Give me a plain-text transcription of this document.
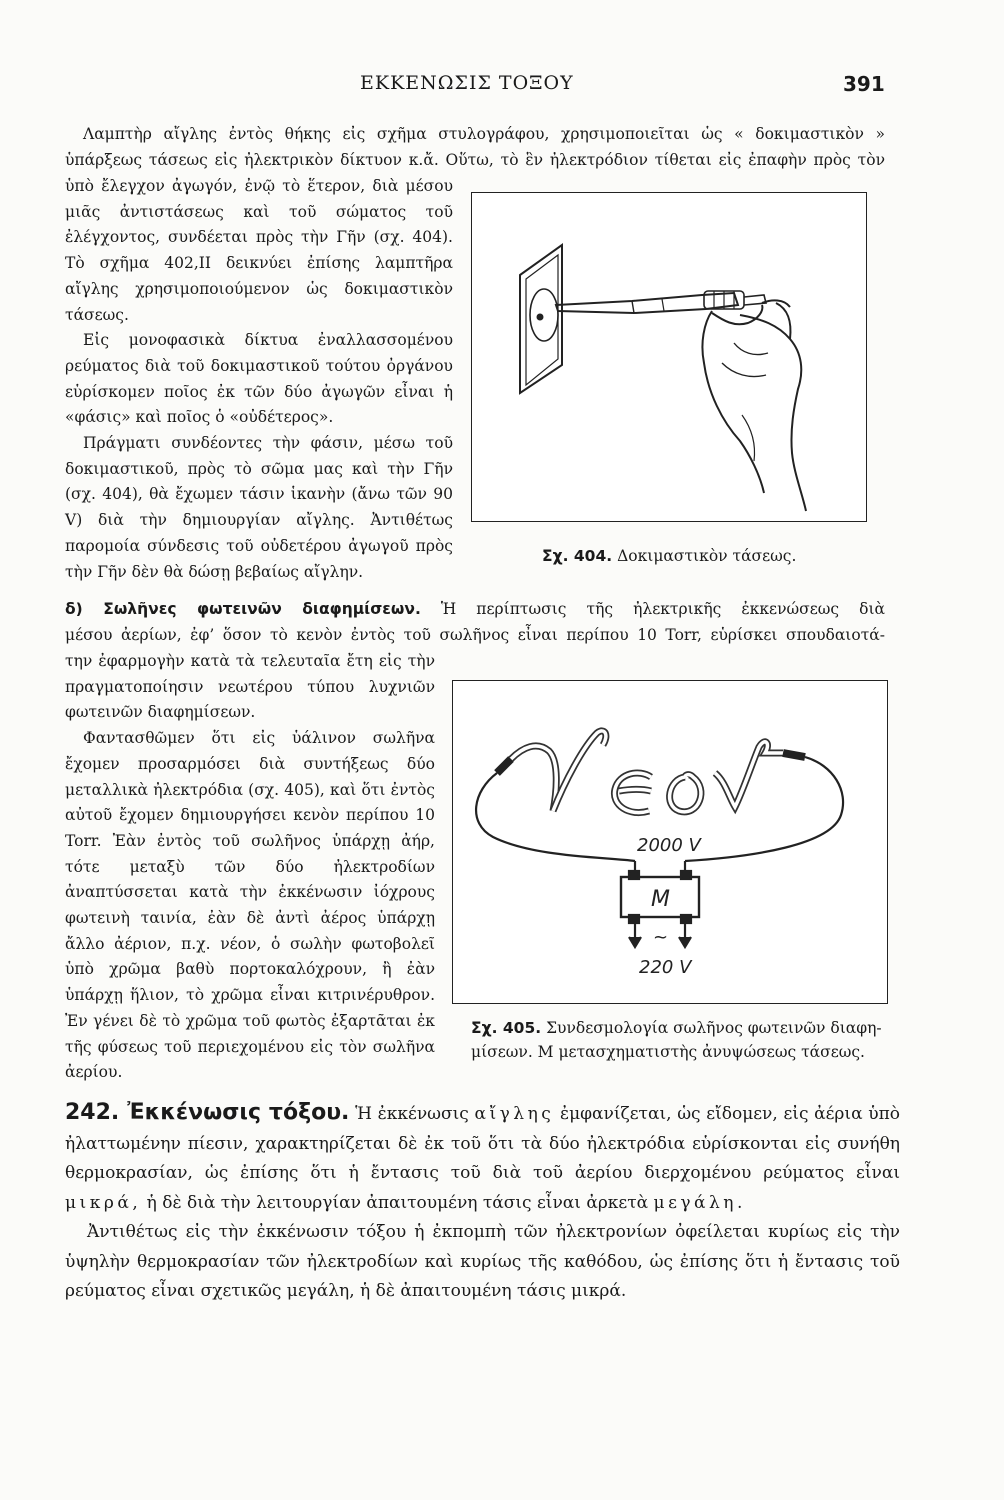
ΕΚΚΕΝΩΣΙΣ ΤΟΞΟΥ	391

Λαμπτὴρ αἴγλης ἐντὸς θήκης εἰς σχῆμα στυλογράφου, χρησιμοποιεῖται ὡς « δοκιμαστικὸν »

ὑπάρξεως τάσεως εἰς ἠλεκτρικὸν δίκτυον κ.ἄ. Οὕτω, τὸ ἓν ἠλεκτρόδιον τίθεται εἰς ἐπαφὴν πρὸς τὸν

ὑπὸ ἔλεγχον ἀγωγόν, ἐνῷ τὸ ἕτερον, διὰ μέσου μιᾶς ἀντιστάσεως καὶ τοῦ σώματος τοῦ ἐλέγχοντος, συνδέεται πρὸς τὴν Γῆν (σχ. 404). Τὸ σχῆμα 402,ΙΙ δεικνύει ἐπίσης λαμπτῆρα αἴγλης χρησιμοποιούμενον ὡς δοκιμαστικὸν τάσεως.

Εἰς μονοφασικὰ δίκτυα ἐναλλασσομένου ρεύματος διὰ τοῦ δοκιμαστικοῦ τούτου ὀργάνου εὑρίσκομεν ποῖος ἐκ τῶν δύο ἀγωγῶν εἶναι ἡ «φάσις» καὶ ποῖος ὁ «οὐδέτερος».

Πράγματι συνδέοντες τὴν φάσιν, μέσω τοῦ δοκιμαστικοῦ, πρὸς τὸ σῶμα μας καὶ τὴν Γῆν (σχ. 404), θὰ ἔχωμεν τάσιν ἱκανὴν (ἄνω τῶν 90 V) διὰ τὴν δημιουργίαν αἴγλης. Ἀντιθέτως παρομοία σύνδεσις τοῦ οὐδετέρου ἀγωγοῦ πρὸς τὴν Γῆν δὲν θὰ δώσῃ βεβαίως αἴγλην.

Σχ. 404. Δοκιμαστικὸν τάσεως.

δ) Σωλῆνες φωτεινῶν διαφημίσεων. Ἡ περίπτωσις τῆς ἠλεκτρικῆς ἐκκενώσεως διὰ

μέσου ἀερίων, ἐφ’ ὅσον τὸ κενὸν ἐντὸς τοῦ σωλῆνος εἶναι περίπου 10 Torr, εὑρίσκει σπουδαιοτά-

την ἐφαρμογὴν κατὰ τὰ τελευταῖα ἔτη εἰς τὴν πραγματοποίησιν νεωτέρου τύπου λυχνιῶν φωτεινῶν διαφημίσεων.

Φαντασθῶμεν ὅτι εἰς ὑάλινον σωλῆνα ἔχομεν προσαρμόσει διὰ συντήξεως δύο μεταλλικὰ ἠλεκτρόδια (σχ. 405), καὶ ὅτι ἐντὸς αὐτοῦ ἔχομεν δημιουργήσει κενὸν περίπου 10 Torr. Ἐὰν ἐντὸς τοῦ σωλῆνος ὑπάρχῃ ἀήρ, τότε μεταξὺ τῶν δύο ἠλεκτροδίων ἀναπτύσσεται κατὰ τὴν ἐκκένωσιν ἰόχρους φωτεινὴ ταινία, ἐὰν δὲ ἀντὶ ἀέρος ὑπάρχῃ ἄλλο ἀέριον, π.χ. νέον, ὁ σωλὴν φωτοβολεῖ ὑπὸ χρῶμα βαθὺ πορτοκαλόχρουν, ἢ ἐὰν ὑπάρχῃ ἥλιον, τὸ χρῶμα εἶναι κιτρινέρυθρον. Ἐν γένει δὲ τὸ χρῶμα τοῦ φωτὸς ἐξαρτᾶται ἐκ τῆς φύσεως τοῦ περιεχομένου εἰς τὸν σωλῆνα ἀερίου.

2000 V
M
~
220 V
Σχ. 405. Συνδεσμολογία σωλῆνος φωτεινῶν διαφη-
μίσεων. Μ μετασχηματιστὴς ἀνυψώσεως τάσεως.

242. Ἐκκένωσις τόξου. Ἡ ἐκκένωσις αἴγλης ἐμφανίζεται, ὡς εἴδομεν, εἰς ἀέρια ὑπὸ ἠλαττωμένην πίεσιν, χαρακτηρίζεται δὲ ἐκ τοῦ ὅτι τὰ δύο ἠλεκτρόδια εὑρίσκονται εἰς συνήθη θερμοκρασίαν, ὡς ἐπίσης ὅτι ἡ ἔντασις τοῦ διὰ τοῦ ἀερίου διερχομένου ρεύματος εἶναι μικρά, ἡ δὲ διὰ τὴν λειτουργίαν ἀπαιτουμένη τάσις εἶναι ἀρκετὰ μεγάλη.

Ἀντιθέτως εἰς τὴν ἐκκένωσιν τόξου ἡ ἐκπομπὴ τῶν ἠλεκτρονίων ὀφείλεται κυρίως εἰς τὴν ὑψηλὴν θερμοκρασίαν τῶν ἠλεκτροδίων καὶ κυρίως τῆς καθόδου, ὡς ἐπίσης ὅτι ἡ ἔντασις τοῦ ρεύματος εἶναι σχετικῶς μεγάλη, ἡ δὲ ἀπαιτουμένη τάσις μικρά.
